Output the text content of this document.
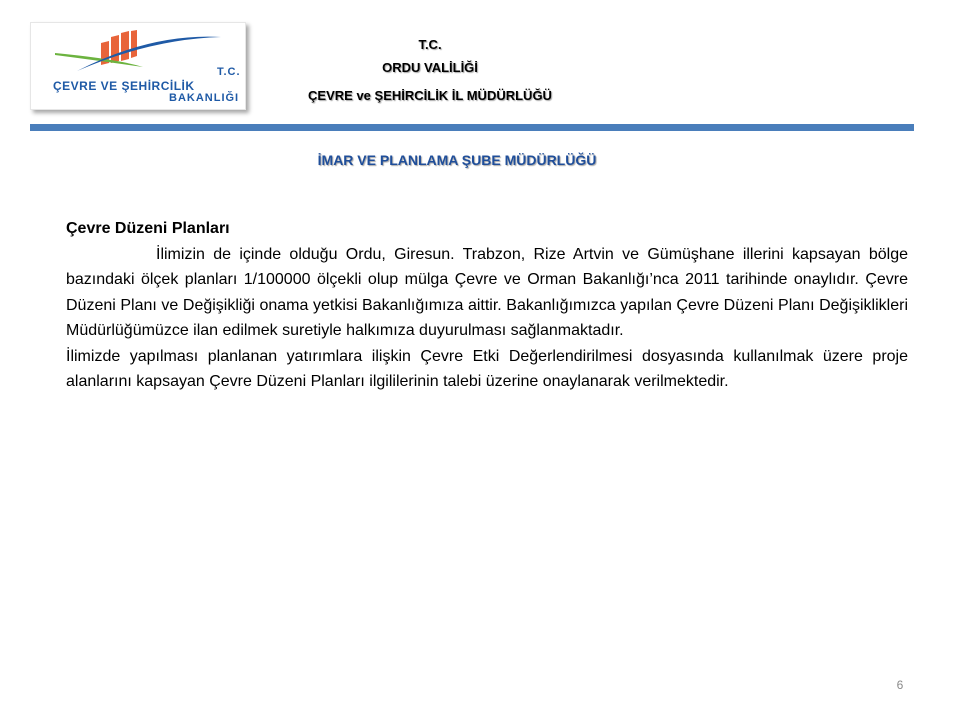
T.C.
ÇEVRE VE ŞEHİRCİLİK
BAKANLIĞI
T.C.
ORDU VALİLİĞİ
ÇEVRE ve ŞEHİRCİLİK İL MÜDÜRLÜĞÜ
İMAR VE PLANLAMA ŞUBE MÜDÜRLÜĞÜ

Çevre Düzeni Planları

İlimizin de içinde olduğu Ordu, Giresun. Trabzon, Rize Artvin ve Gümüşhane illerini kapsayan bölge bazındaki ölçek planları 1/100000 ölçekli olup mülga Çevre ve Orman Bakanlığı’nca 2011 tarihinde onaylıdır. Çevre Düzeni Planı ve Değişikliği onama yetkisi Bakanlığımıza aittir. Bakanlığımızca yapılan Çevre Düzeni Planı Değişiklikleri Müdürlüğümüzce ilan edilmek suretiyle halkımıza duyurulması sağlanmaktadır.

İlimizde yapılması planlanan yatırımlara ilişkin Çevre Etki Değerlendirilmesi dosyasında kullanılmak üzere proje alanlarını kapsayan Çevre Düzeni Planları ilgililerinin talebi üzerine onaylanarak verilmektedir.

6
